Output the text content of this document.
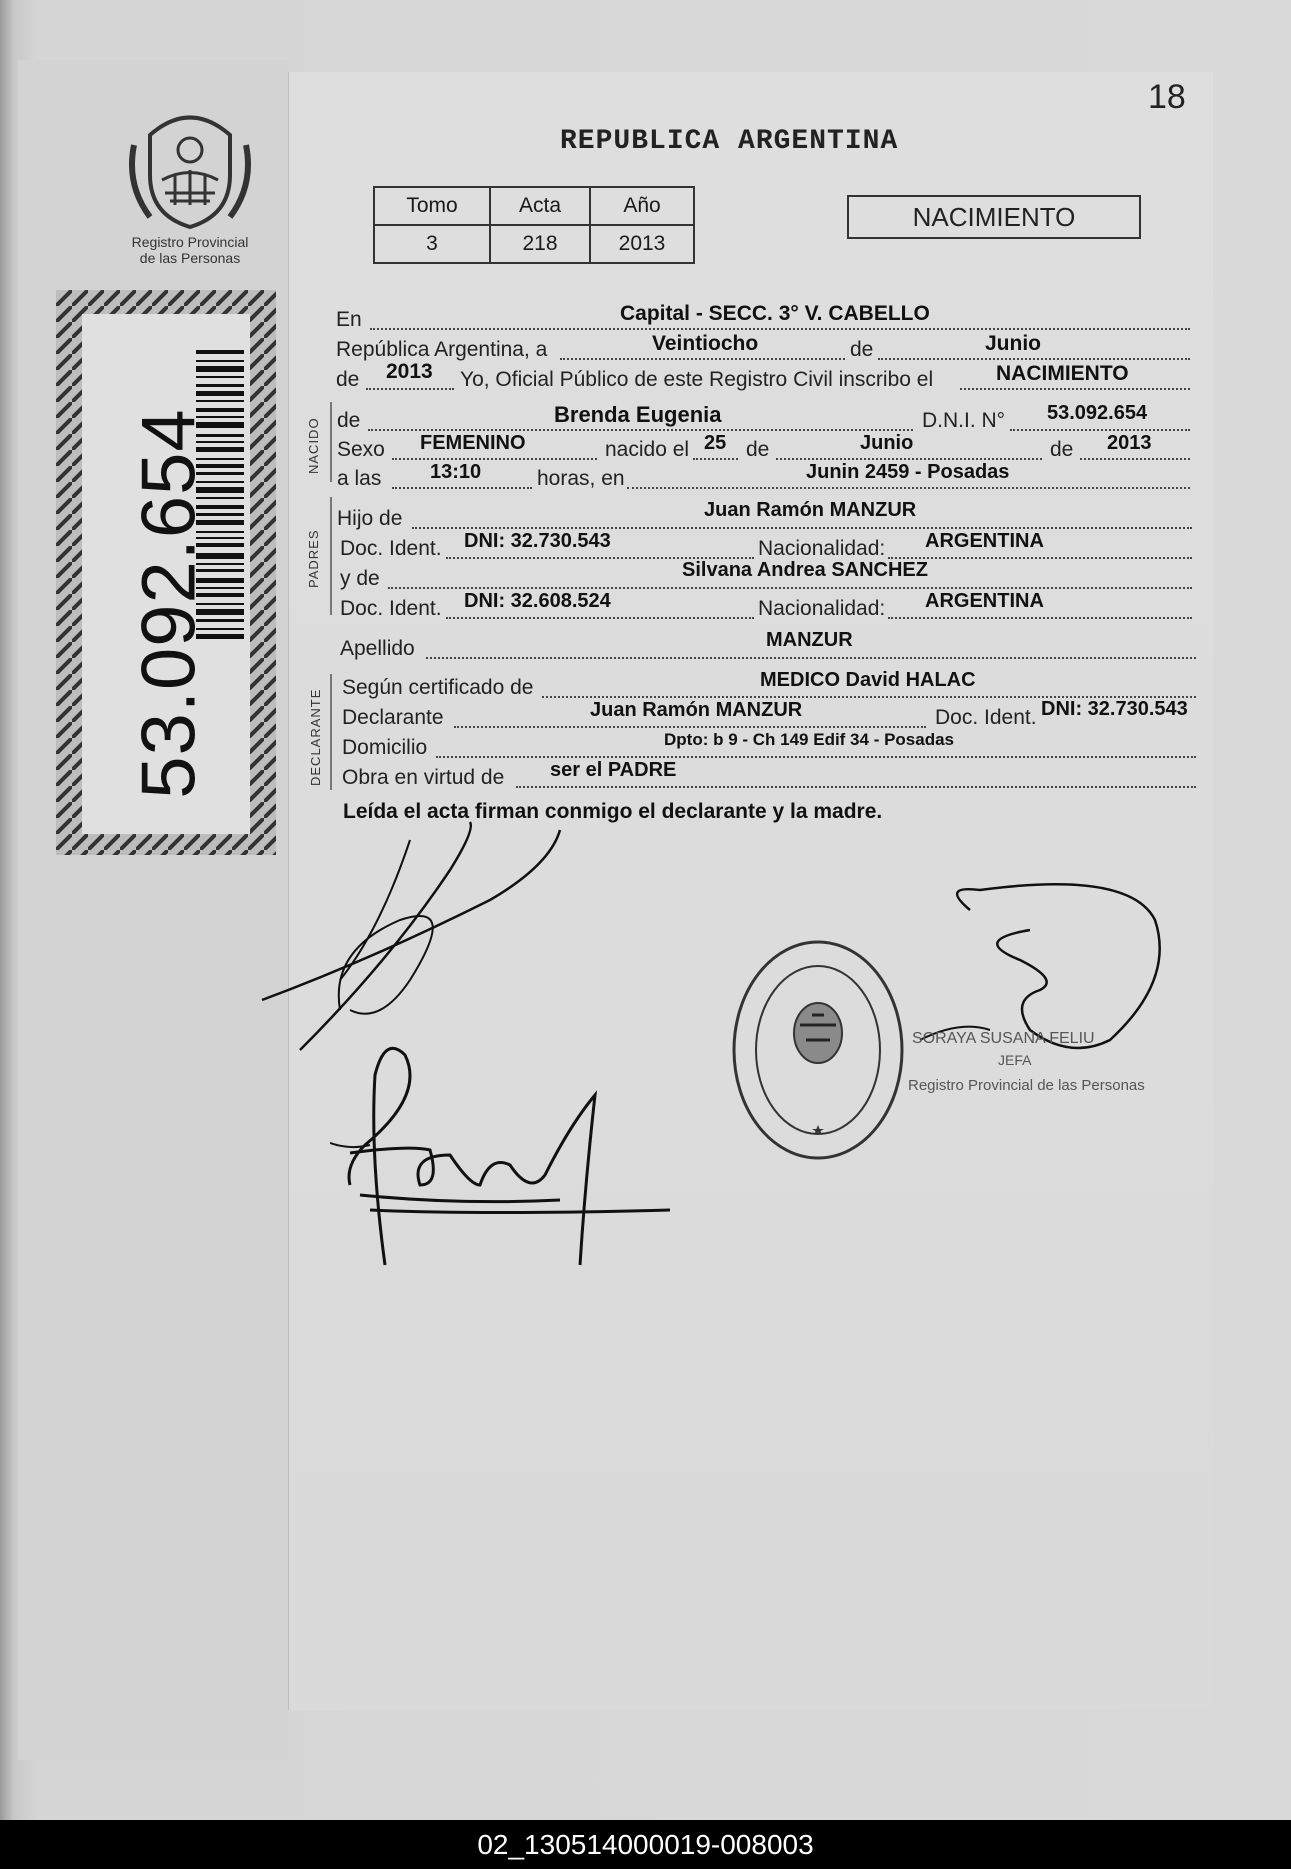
Registro Provincial
de las Personas
53.092.654
18
REPUBLICA ARGENTINA
Tomo	Acta	Año
3	218	2013
NACIMIENTO
NACIDO
PADRES
DECLARANTE
En	Capital - SECC. 3° V. CABELLO
República Argentina, a	Veintiocho	de	Junio
de 2013 Yo, Oficial Público de este Registro Civil inscribo el	NACIMIENTO
de	Brenda Eugenia	D.N.I. N° 53.092.654
Sexo FEMENINO	nacido el 25 de	Junio	de 2013
a las 13:10	horas, en	Junin 2459 - Posadas
Hijo de	Juan Ramón MANZUR
Doc. Ident. DNI: 32.730.543	Nacionalidad: ARGENTINA
y de	Silvana Andrea SANCHEZ
Doc. Ident. DNI: 32.608.524	Nacionalidad: ARGENTINA
Apellido	MANZUR
Según certificado de	MEDICO David HALAC
Declarante	Juan Ramón MANZUR	Doc. Ident. DNI: 32.730.543
Domicilio	Dpto: b 9 - Ch 149 Edif 34 - Posadas
Obra en virtud de ser el PADRE
Leída el acta firman conmigo el declarante y la madre.
SORAYA SUSANA FELIU
JEFA
Registro Provincial de las Personas
02_130514000019-008003
